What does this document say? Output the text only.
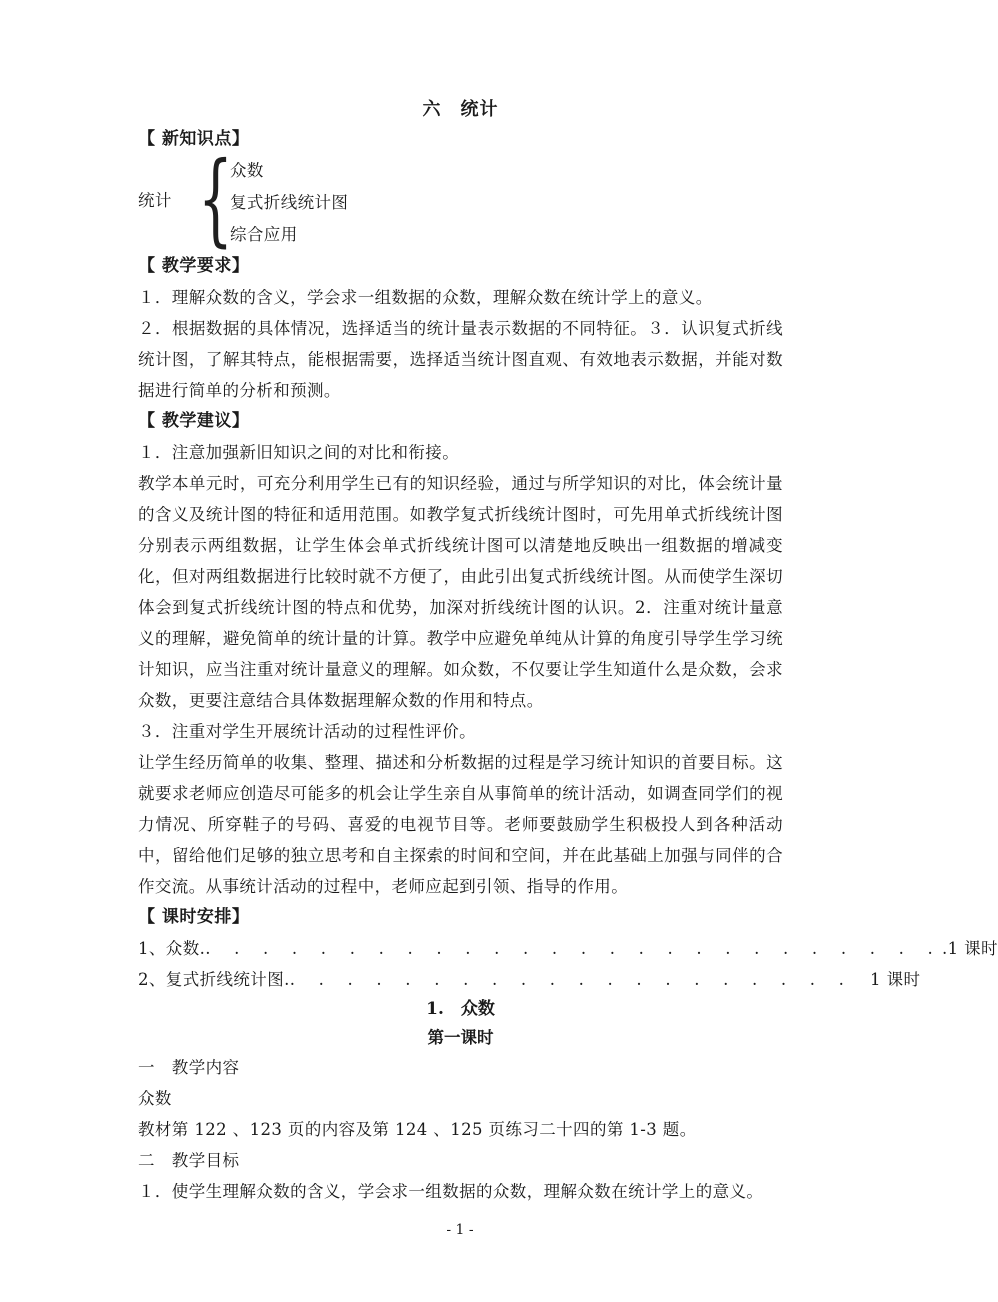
六　统计

【 新知识点】

统计 {
众数
复式折线统计图
综合应用

【 教学要求】

１．理解众数的含义，学会求一组数据的众数，理解众数在统计学上的意义。

２．根据数据的具体情况，选择适当的统计量表示数据的不同特征。３．认识复式折线统计图，了解其特点，能根据需要，选择适当统计图直观、有效地表示数据，并能对数据进行简单的分析和预测。

【 教学建议】

１．注意加强新旧知识之间的对比和衔接。

教学本单元时，可充分利用学生已有的知识经验，通过与所学知识的对比，体会统计量的含义及统计图的特征和适用范围。如教学复式折线统计图时，可先用单式折线统计图分别表示两组数据，让学生体会单式折线统计图可以清楚地反映出一组数据的增减变化，但对两组数据进行比较时就不方便了，由此引出复式折线统计图。从而使学生深切体会到复式折线统计图的特点和优势，加深对折线统计图的认识。2．注重对统计量意义的理解，避免简单的统计量的计算。教学中应避免单纯从计算的角度引导学生学习统计知识，应当注重对统计量意义的理解。如众数，不仅要让学生知道什么是众数，会求众数，更要注意结合具体数据理解众数的作用和特点。

３．注重对学生开展统计活动的过程性评价。

让学生经历简单的收集、整理、描述和分析数据的过程是学习统计知识的首要目标。这就要求老师应创造尽可能多的机会让学生亲自从事简单的统计活动，如调查同学们的视力情况、所穿鞋子的号码、喜爱的电视节目等。老师要鼓励学生积极投人到各种活动中，留给他们足够的独立思考和自主探索的时间和空间，并在此基础上加强与同伴的合作交流。从事统计活动的过程中，老师应起到引领、指导的作用。

【 课时安排】

1、众数.. . . . . . . . . . . . . . . . . . . . . . . . . ..1 课时

2、复式折线统计图.. . . . . . . . . . . . . . . . . . . .   1 课时

1.　众数

第一课时

一　教学内容

众数

教材第 122 、123 页的内容及第 124 、125 页练习二十四的第 1-3 题。

二　教学目标

１．使学生理解众数的含义，学会求一组数据的众数，理解众数在统计学上的意义。

- 1 -
